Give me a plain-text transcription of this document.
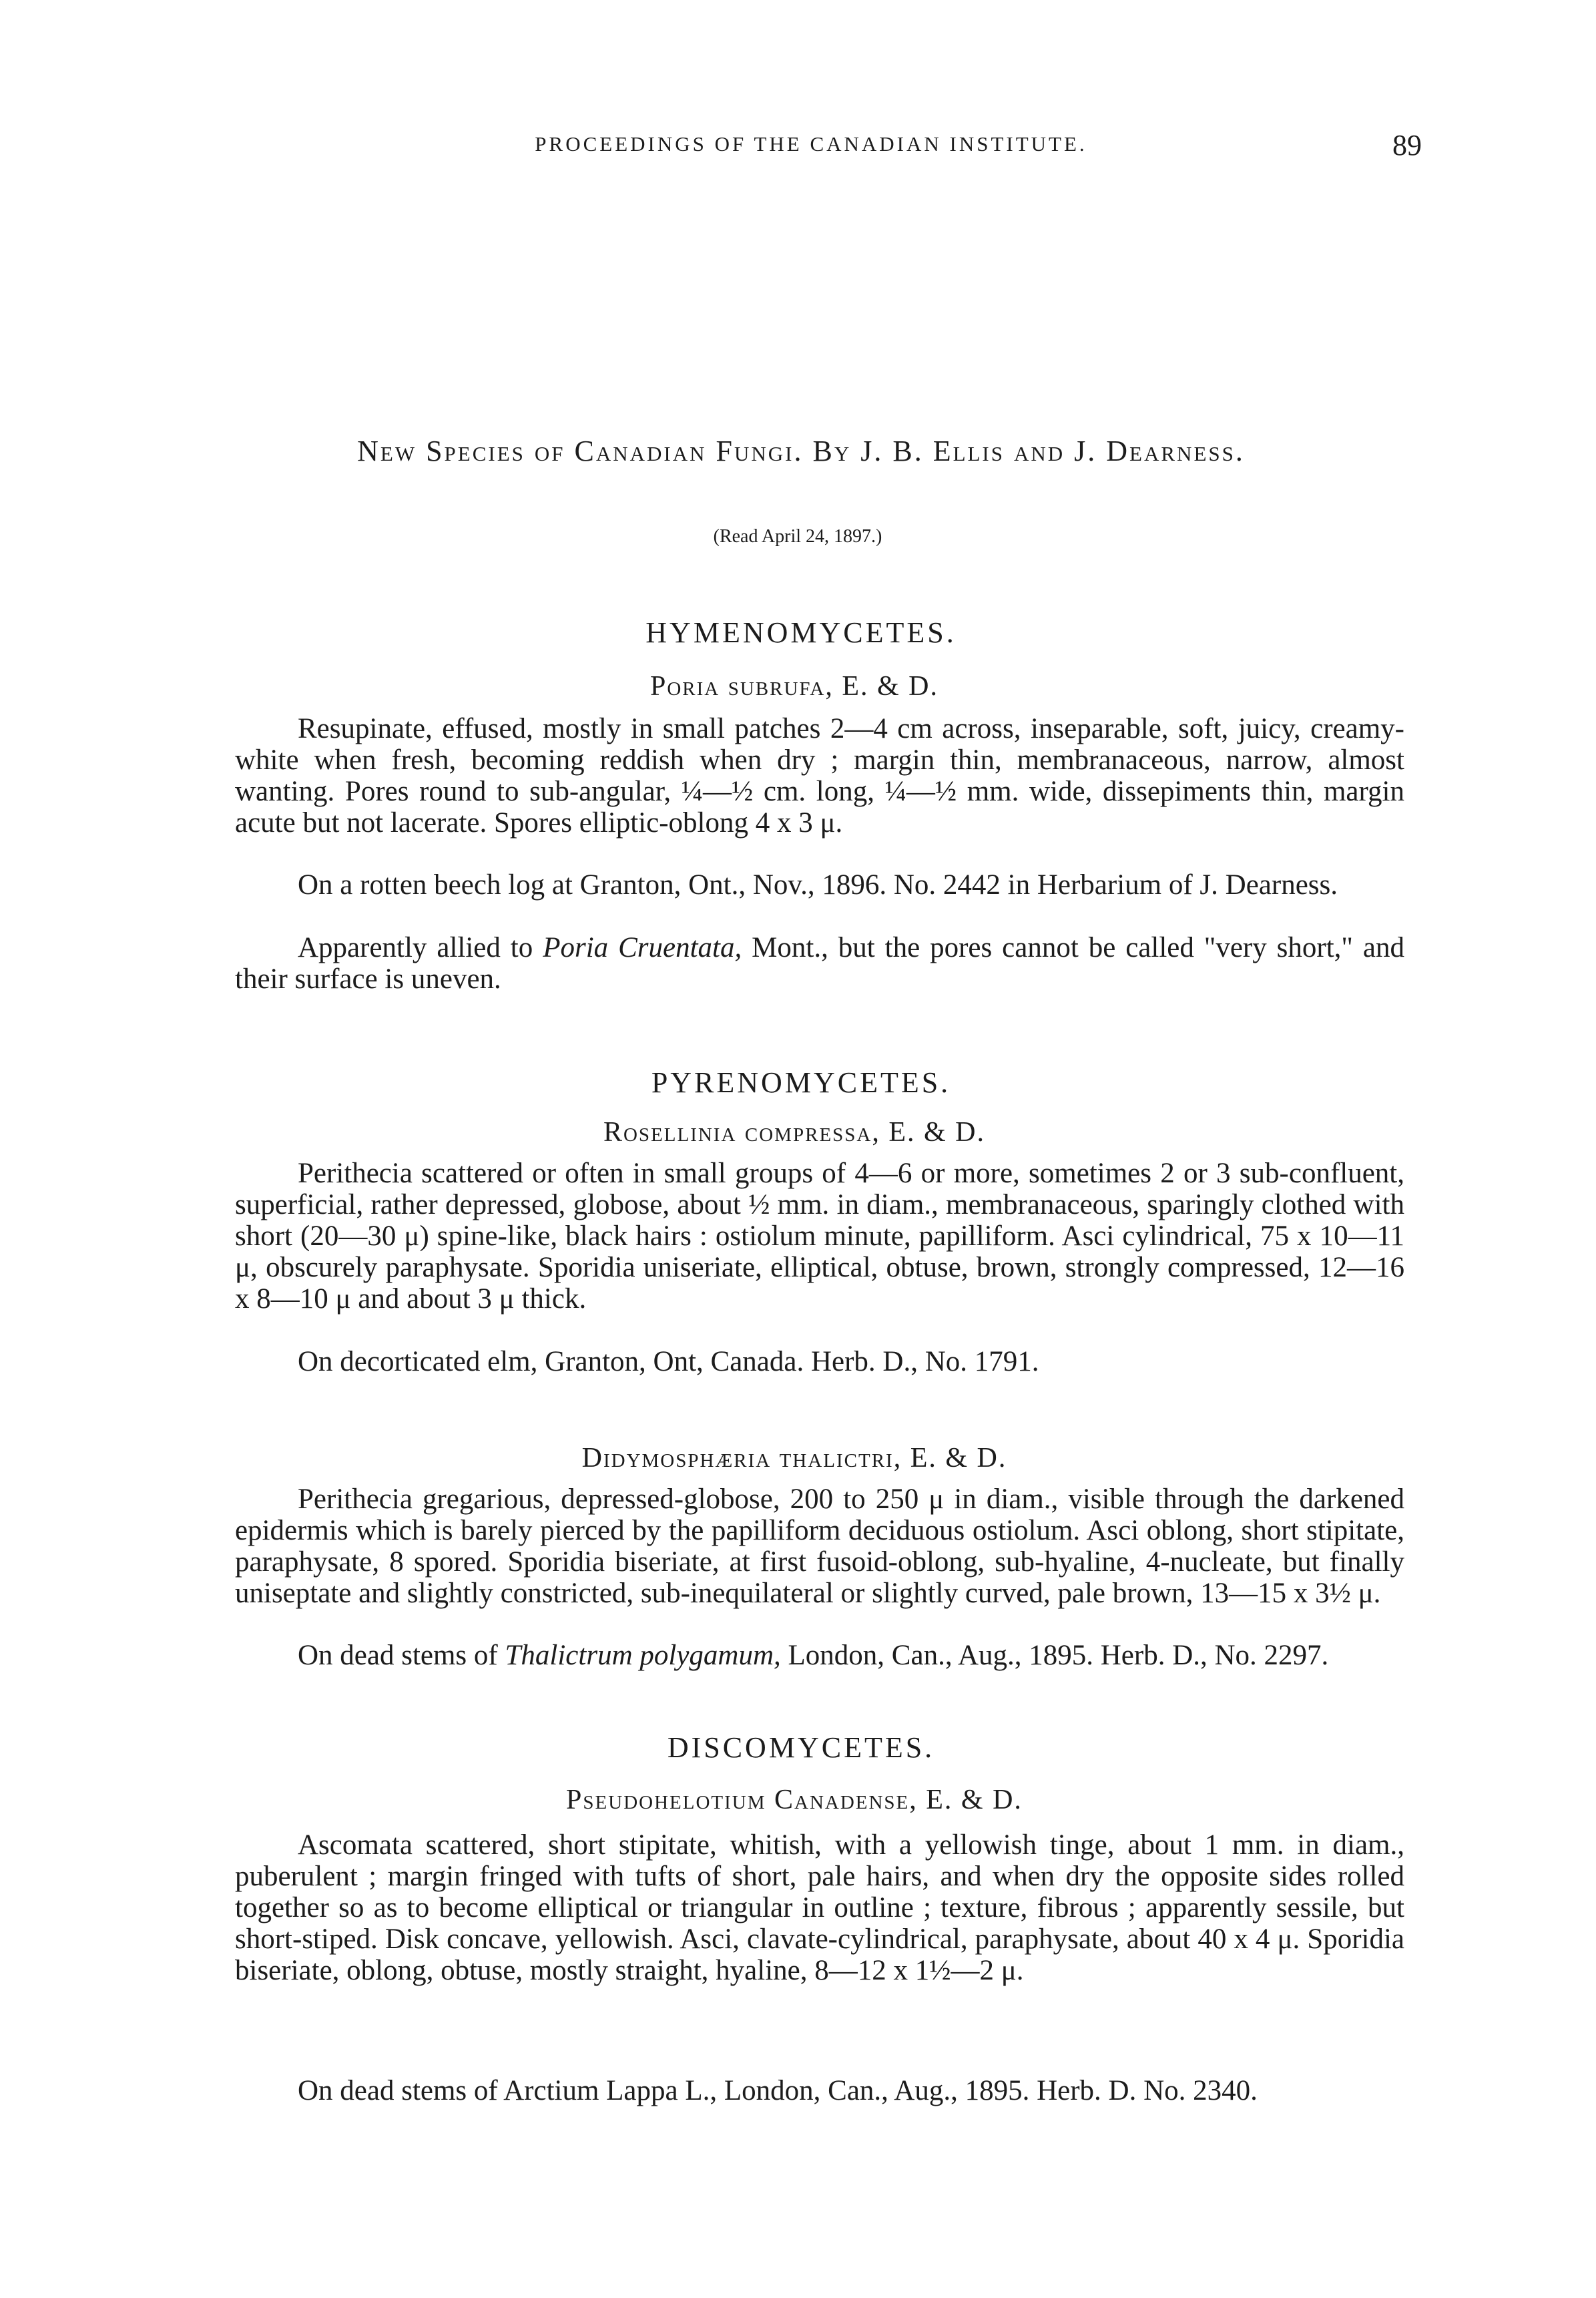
PROCEEDINGS OF THE CANADIAN INSTITUTE.	89
New Species of Canadian Fungi. By J. B. Ellis and J. Dearness.
(Read April 24, 1897.)
HYMENOMYCETES.
Poria subrufa, E. & D.

Resupinate, effused, mostly in small patches 2—4 cm across, inseparable, soft, juicy, creamy-white when fresh, becoming reddish when dry ; margin thin, membranaceous, narrow, almost wanting. Pores round to sub-angular, ¼—½ cm. long, ¼—½ mm. wide, dissepiments thin, margin acute but not lacerate. Spores elliptic-oblong 4 x 3 μ.

On a rotten beech log at Granton, Ont., Nov., 1896. No. 2442 in Herbarium of J. Dearness.

Apparently allied to Poria Cruentata, Mont., but the pores cannot be called "very short," and their surface is uneven.

PYRENOMYCETES.
Rosellinia compressa, E. & D.

Perithecia scattered or often in small groups of 4—6 or more, sometimes 2 or 3 sub-confluent, superficial, rather depressed, globose, about ½ mm. in diam., membranaceous, sparingly clothed with short (20—30 μ) spine-like, black hairs : ostiolum minute, papilliform. Asci cylindrical, 75 x 10—11 μ, obscurely paraphysate. Sporidia uniseriate, elliptical, obtuse, brown, strongly compressed, 12—16 x 8—10 μ and about 3 μ thick.

On decorticated elm, Granton, Ont, Canada. Herb. D., No. 1791.

Didymosphæria thalictri, E. & D.

Perithecia gregarious, depressed-globose, 200 to 250 μ in diam., visible through the darkened epidermis which is barely pierced by the papilliform deciduous ostiolum. Asci oblong, short stipitate, paraphysate, 8 spored. Sporidia biseriate, at first fusoid-oblong, sub-hyaline, 4-nucleate, but finally uniseptate and slightly constricted, sub-inequilateral or slightly curved, pale brown, 13—15 x 3½ μ.

On dead stems of Thalictrum polygamum, London, Can., Aug., 1895. Herb. D., No. 2297.

DISCOMYCETES.
Pseudohelotium Canadense, E. & D.

Ascomata scattered, short stipitate, whitish, with a yellowish tinge, about 1 mm. in diam., puberulent ; margin fringed with tufts of short, pale hairs, and when dry the opposite sides rolled together so as to become elliptical or triangular in outline ; texture, fibrous ; apparently sessile, but short-stiped. Disk concave, yellowish. Asci, clavate-cylindrical, paraphysate, about 40 x 4 μ. Sporidia biseriate, oblong, obtuse, mostly straight, hyaline, 8—12 x 1½—2 μ.

On dead stems of Arctium Lappa L., London, Can., Aug., 1895. Herb. D. No. 2340.
